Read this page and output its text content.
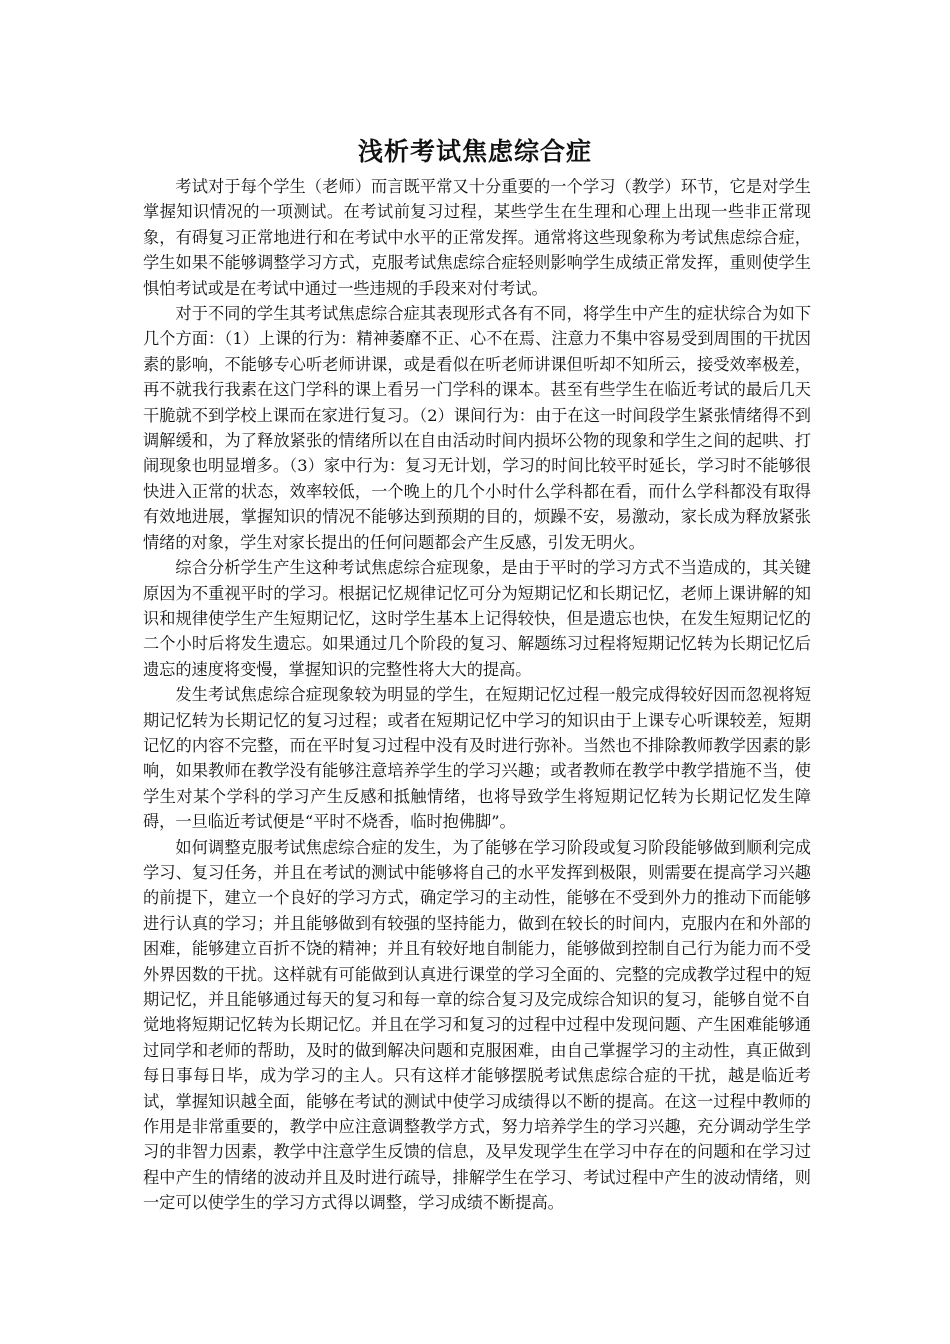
浅析考试焦虑综合症

考试对于每个学生（老师）而言既平常又十分重要的一个学习（教学）环节，它是对学生掌握知识情况的一项测试。在考试前复习过程，某些学生在生理和心理上出现一些非正常现象，有碍复习正常地进行和在考试中水平的正常发挥。通常将这些现象称为考试焦虑综合症，学生如果不能够调整学习方式，克服考试焦虑综合症轻则影响学生成绩正常发挥，重则使学生惧怕考试或是在考试中通过一些违规的手段来对付考试。

对于不同的学生其考试焦虑综合症其表现形式各有不同，将学生中产生的症状综合为如下几个方面：（1）上课的行为：精神萎靡不正、心不在焉、注意力不集中容易受到周围的干扰因素的影响，不能够专心听老师讲课，或是看似在听老师讲课但听却不知所云，接受效率极差，再不就我行我素在这门学科的课上看另一门学科的课本。甚至有些学生在临近考试的最后几天干脆就不到学校上课而在家进行复习。（2）课间行为：由于在这一时间段学生紧张情绪得不到调解缓和，为了释放紧张的情绪所以在自由活动时间内损坏公物的现象和学生之间的起哄、打闹现象也明显增多。（3）家中行为：复习无计划，学习的时间比较平时延长，学习时不能够很快进入正常的状态，效率较低，一个晚上的几个小时什么学科都在看，而什么学科都没有取得有效地进展，掌握知识的情况不能够达到预期的目的，烦躁不安，易激动，家长成为释放紧张情绪的对象，学生对家长提出的任何问题都会产生反感，引发无明火。

综合分析学生产生这种考试焦虑综合症现象，是由于平时的学习方式不当造成的，其关键原因为不重视平时的学习。根据记忆规律记忆可分为短期记忆和长期记忆，老师上课讲解的知识和规律使学生产生短期记忆，这时学生基本上记得较快，但是遗忘也快，在发生短期记忆的二个小时后将发生遗忘。如果通过几个阶段的复习、解题练习过程将短期记忆转为长期记忆后遗忘的速度将变慢，掌握知识的完整性将大大的提高。

发生考试焦虑综合症现象较为明显的学生，在短期记忆过程一般完成得较好因而忽视将短期记忆转为长期记忆的复习过程；或者在短期记忆中学习的知识由于上课专心听课较差，短期记忆的内容不完整，而在平时复习过程中没有及时进行弥补。当然也不排除教师教学因素的影响，如果教师在教学没有能够注意培养学生的学习兴趣；或者教师在教学中教学措施不当，使学生对某个学科的学习产生反感和抵触情绪，也将导致学生将短期记忆转为长期记忆发生障碍，一旦临近考试便是“平时不烧香，临时抱佛脚”。

如何调整克服考试焦虑综合症的发生，为了能够在学习阶段或复习阶段能够做到顺利完成学习、复习任务，并且在考试的测试中能够将自己的水平发挥到极限，则需要在提高学习兴趣的前提下，建立一个良好的学习方式，确定学习的主动性，能够在不受到外力的推动下而能够进行认真的学习；并且能够做到有较强的坚持能力，做到在较长的时间内，克服内在和外部的困难，能够建立百折不饶的精神；并且有较好地自制能力，能够做到控制自己行为能力而不受外界因数的干扰。这样就有可能做到认真进行课堂的学习全面的、完整的完成教学过程中的短期记忆，并且能够通过每天的复习和每一章的综合复习及完成综合知识的复习，能够自觉不自觉地将短期记忆转为长期记忆。并且在学习和复习的过程中过程中发现问题、产生困难能够通过同学和老师的帮助，及时的做到解决问题和克服困难，由自己掌握学习的主动性，真正做到每日事每日毕，成为学习的主人。只有这样才能够摆脱考试焦虑综合症的干扰，越是临近考试，掌握知识越全面，能够在考试的测试中使学习成绩得以不断的提高。在这一过程中教师的作用是非常重要的，教学中应注意调整教学方式，努力培养学生的学习兴趣，充分调动学生学习的非智力因素，教学中注意学生反馈的信息，及早发现学生在学习中存在的问题和在学习过程中产生的情绪的波动并且及时进行疏导，排解学生在学习、考试过程中产生的波动情绪，则一定可以使学生的学习方式得以调整，学习成绩不断提高。
